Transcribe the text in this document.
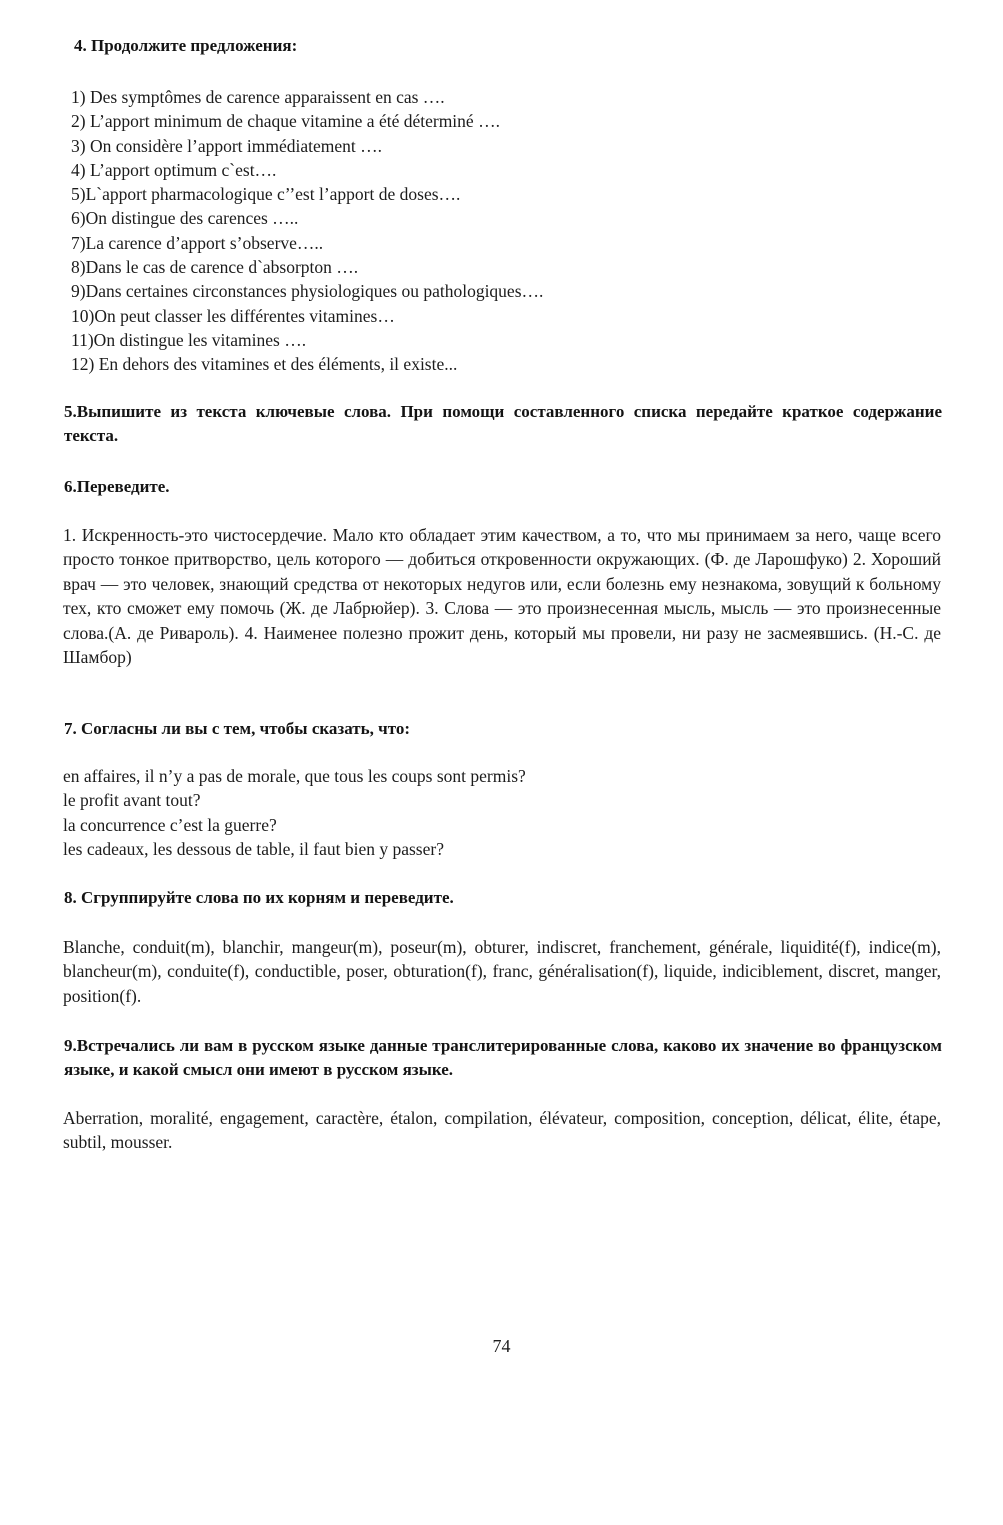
4. Продолжите предложения:
1) Des symptômes de carence apparaissent en cas ….
2) L’apport minimum de chaque vitamine a été déterminé ….
3) On considère l’apport immédiatement ….
4) L’apport optimum c`est….
5)L`apport pharmacologique c’’est l’apport de doses….
6)On distingue des carences …..
7)La carence d’apport s’observe…..
8)Dans le cas de carence d`absorpton ….
9)Dans certaines circonstances physiologiques ou pathologiques….
10)On peut classer les différentes vitamines…
11)On distingue les vitamines ….
12) En dehors des vitamines et des éléments, il existe...
5.Выпишите из текста ключевые слова. При помощи составленного списка передайте краткое содержание текста.
6.Переведите.

1. Искренность-это чистосердечие. Мало кто обладает этим качеством, а то, что мы принимаем за него, чаще всего просто тонкое притворство, цель которого — добиться откровенности окружающих. (Ф. де Ларошфуко) 2. Хороший врач — это человек, знающий средства от некоторых недугов или, если болезнь ему незнакома, зовущий к больному тех, кто сможет ему помочь (Ж. де Лабрюйер). 3. Слова — это произнесенная мысль, мысль — это произнесенные слова.(А. де Ривароль). 4. Наименее полезно прожит день, который мы провели, ни разу не засмеявшись. (Н.-С. де Шамбор)

7. Согласны ли вы с тем, чтобы сказать, что:
en affaires, il n’y a pas de morale, que tous les coups sont permis?
le profit avant tout?
la concurrence c’est la guerre?
les cadeaux, les dessous de table, il faut bien y passer?
8. Сгруппируйте слова по их корням и переведите.

Blanche, conduit(m), blanchir, mangeur(m), poseur(m), obturer, indiscret, franchement, générale, liquidité(f), indice(m), blancheur(m), conduite(f), conductible, poser, obturation(f), franc, généralisation(f), liquide, indiciblement, discret, manger, position(f).

9.Встречались ли вам в русском языке данные транслитерированные слова, каково их значение во французском языке, и какой смысл они имеют в русском языке.

Aberration, moralité, engagement, caractère, étalon, compilation, élévateur, composition, conception, délicat, élite, étape, subtil, mousser.

74
